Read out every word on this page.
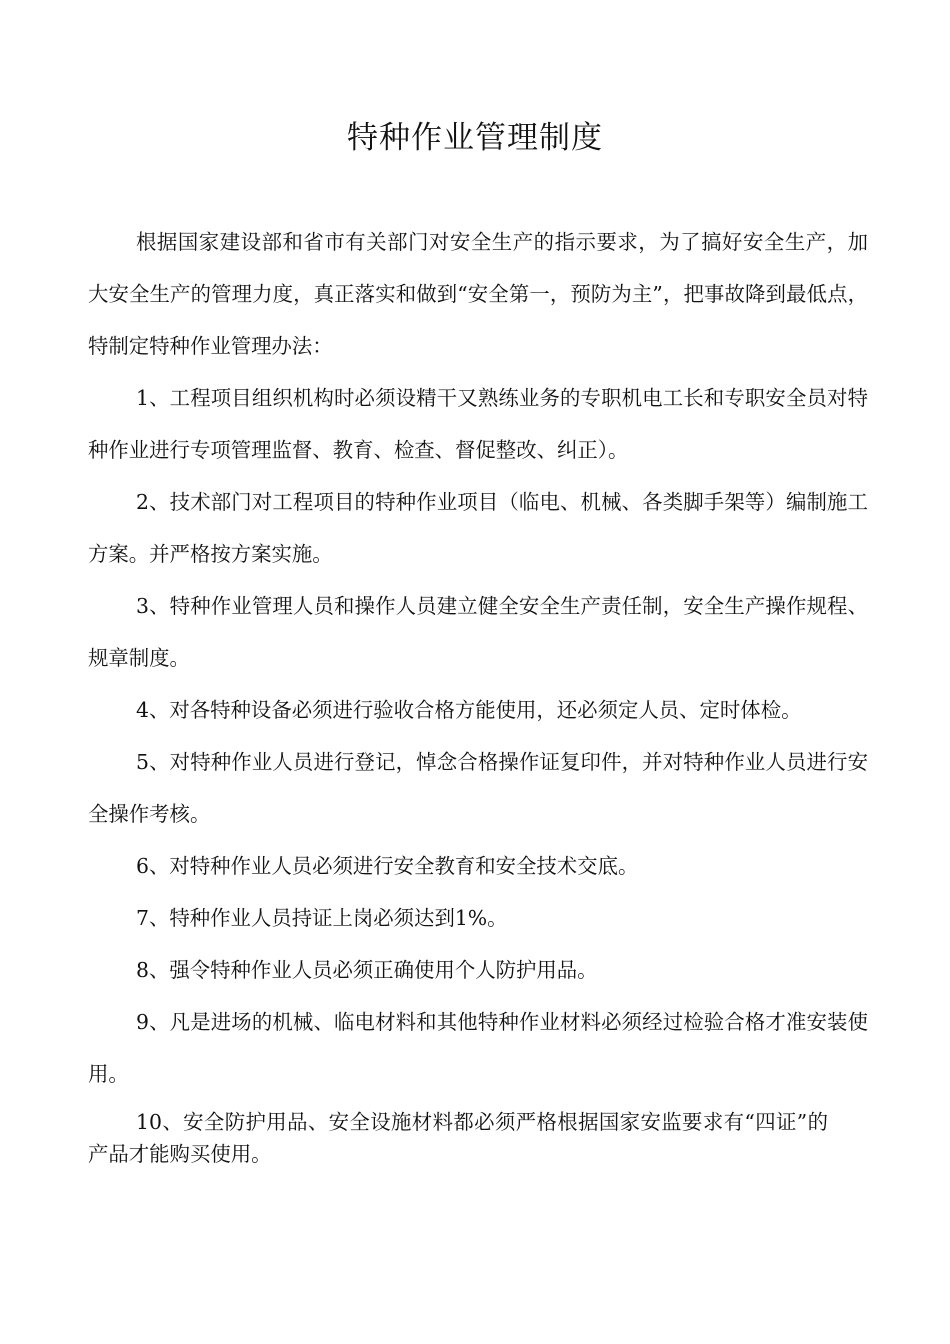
特种作业管理制度

根据国家建设部和省市有关部门对安全生产的指示要求，为了搞好安全生产，加大安全生产的管理力度，真正落实和做到“安全第一，预防为主”，把事故降到最低点，特制定特种作业管理办法：

1、工程项目组织机构时必须设精干又熟练业务的专职机电工长和专职安全员对特种作业进行专项管理监督、教育、检查、督促整改、纠正）。

2、技术部门对工程项目的特种作业项目（临电、机械、各类脚手架等）编制施工方案。并严格按方案实施。

3、特种作业管理人员和操作人员建立健全安全生产责任制，安全生产操作规程、规章制度。

4、对各特种设备必须进行验收合格方能使用，还必须定人员、定时体检。

5、对特种作业人员进行登记，悼念合格操作证复印件，并对特种作业人员进行安全操作考核。

6、对特种作业人员必须进行安全教育和安全技术交底。

7、特种作业人员持证上岗必须达到1%。

8、强令特种作业人员必须正确使用个人防护用品。

9、凡是进场的机械、临电材料和其他特种作业材料必须经过检验合格才准安装使用。

10、安全防护用品、安全设施材料都必须严格根据国家安监要求有“四证”的产品才能购买使用。
